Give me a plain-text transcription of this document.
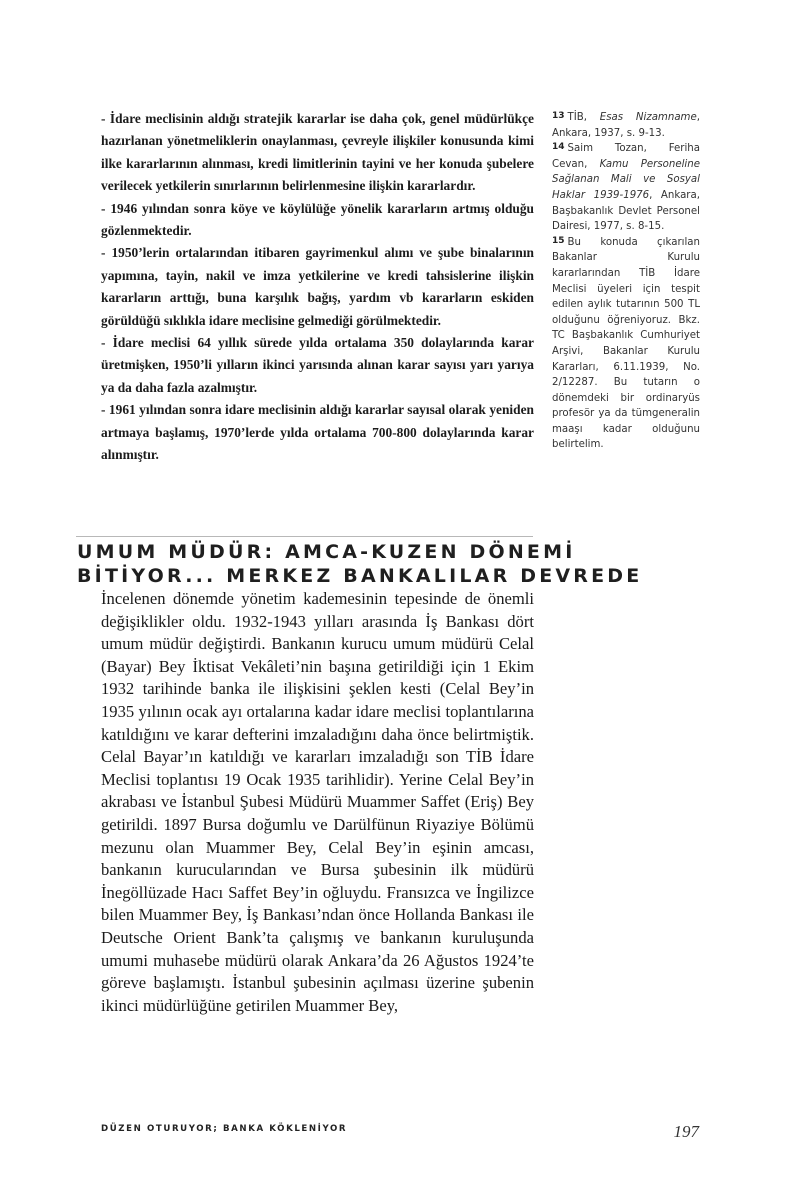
- İdare meclisinin aldığı stratejik kararlar ise daha çok, genel müdürlükçe hazırlanan yönetmeliklerin onaylanması, çevreyle ilişkiler konusunda kimi ilke kararlarının alınması, kredi limitlerinin tayini ve her konuda şubelere verilecek yetkilerin sınırlarının belirlenmesine ilişkin kararlardır.

- 1946 yılından sonra köye ve köylülüğe yönelik kararların artmış olduğu gözlenmektedir.

- 1950’lerin ortalarından itibaren gayrimenkul alımı ve şube binalarının yapımına, tayin, nakil ve imza yetkilerine ve kredi tahsislerine ilişkin kararların arttığı, buna karşılık bağış, yardım vb kararların eskiden görüldüğü sıklıkla idare meclisine gelmediği görülmektedir.

- İdare meclisi 64 yıllık sürede yılda ortalama 350 dolaylarında karar üretmişken, 1950’li yılların ikinci yarısında alınan karar sayısı yarı yarıya ya da daha fazla azalmıştır.

- 1961 yılından sonra idare meclisinin aldığı kararlar sayısal olarak yeniden artmaya başlamış, 1970’lerde yılda ortalama 700-800 dolaylarında karar alınmıştır.

$^{13}$ TİB, Esas Nizamname, Ankara, 1937, s. 9-13.

$^{14}$ Saim Tozan, Feriha Cevan, Kamu Personeline Sağlanan Mali ve Sosyal Haklar 1939-1976, Ankara, Başbakanlık Devlet Personel Dairesi, 1977, s. 8-15.

$^{15}$ Bu konuda çıkarılan Bakanlar Kurulu kararlarından TİB İdare Meclisi üyeleri için tespit edilen aylık tutarının 500 TL olduğunu öğreniyoruz. Bkz. TC Başbakanlık Cumhuriyet Arşivi, Bakanlar Kurulu Kararları, 6.11.1939, No. 2/12287. Bu tutarın o dönemdeki bir ordinaryüs profesör ya da tümgeneralin maaşı kadar olduğunu belirtelim.

UMUM MÜDÜR: AMCA-KUZEN DÖNEMİ
BİTİYOR... MERKEZ BANKALILAR DEVREDE

İncelenen dönemde yönetim kademesinin tepesinde de önemli değişiklikler oldu. 1932-1943 yılları arasında İş Bankası dört umum müdür değiştirdi. Bankanın kurucu umum müdürü Celal (Bayar) Bey İktisat Vekâleti’nin başına getirildiği için 1 Ekim 1932 tarihinde banka ile ilişkisini şeklen kesti (Celal Bey’in 1935 yılının ocak ayı ortalarına kadar idare meclisi toplantılarına katıldığını ve karar defterini imzaladığını daha önce belirtmiştik. Celal Bayar’ın katıldığı ve kararları imzaladığı son TİB İdare Meclisi toplantısı 19 Ocak 1935 tarihlidir). Yerine Celal Bey’in akrabası ve İstanbul Şubesi Müdürü Muammer Saffet (Eriş) Bey getirildi. 1897 Bursa doğumlu ve Darülfünun Riyaziye Bölümü mezunu olan Muammer Bey, Celal Bey’in eşinin amcası, bankanın kurucularından ve Bursa şubesinin ilk müdürü İnegöllüzade Hacı Saffet Bey’in oğluydu. Fransızca ve İngilizce bilen Muammer Bey, İş Bankası’ndan önce Hollanda Bankası ile Deutsche Orient Bank’ta çalışmış ve bankanın kuruluşunda umumi muhasebe müdürü olarak Ankara’da 26 Ağustos 1924’te göreve başlamıştı. İstanbul şubesinin açılması üzerine şubenin ikinci müdürlüğüne getirilen Muammer Bey,

DÜZEN OTURUYOR; BANKA KÖKLENİYOR	197
